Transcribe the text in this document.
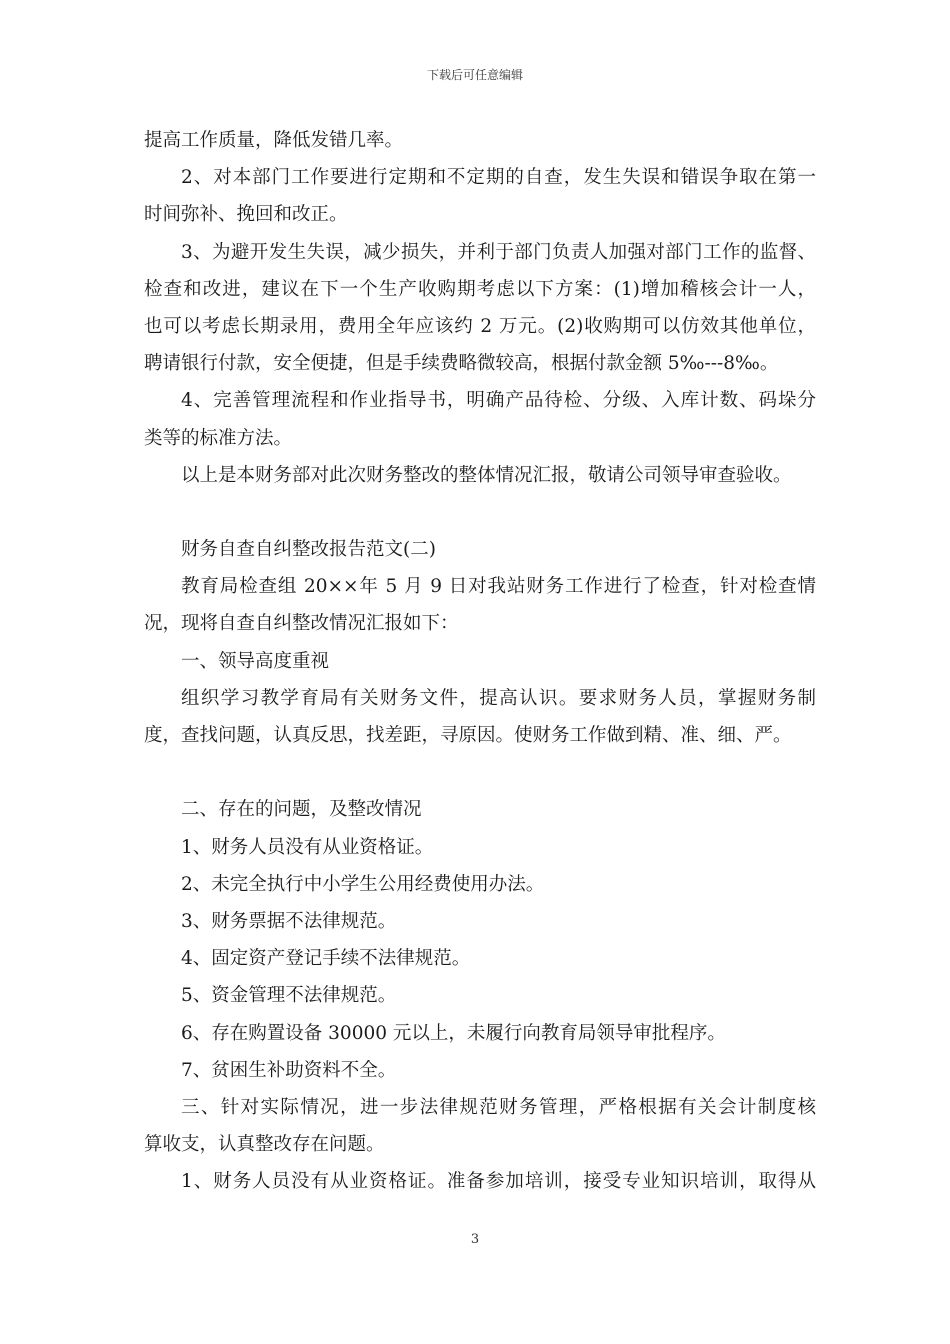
下载后可任意编辑
提高工作质量，降低发错几率。
2、对本部门工作要进行定期和不定期的自查，发生失误和错误争取在第一
时间弥补、挽回和改正。
3、为避开发生失误，减少损失，并利于部门负责人加强对部门工作的监督、
检查和改进，建议在下一个生产收购期考虑以下方案：(1)增加稽核会计一人，
也可以考虑长期录用，费用全年应该约 2 万元。(2)收购期可以仿效其他单位，
聘请银行付款，安全便捷，但是手续费略微较高，根据付款金额 5‰---8‰。
4、完善管理流程和作业指导书，明确产品待检、分级、入库计数、码垛分
类等的标准方法。
以上是本财务部对此次财务整改的整体情况汇报，敬请公司领导审查验收。
财务自查自纠整改报告范文(二)
教育局检查组 20××年 5 月 9 日对我站财务工作进行了检查，针对检查情
况，现将自查自纠整改情况汇报如下：
一、领导高度重视
组织学习教学育局有关财务文件，提高认识。要求财务人员，掌握财务制
度，查找问题，认真反思，找差距，寻原因。使财务工作做到精、准、细、严。
二、存在的问题，及整改情况
1、财务人员没有从业资格证。
2、未完全执行中小学生公用经费使用办法。
3、财务票据不法律规范。
4、固定资产登记手续不法律规范。
5、资金管理不法律规范。
6、存在购置设备 30000 元以上，未履行向教育局领导审批程序。
7、贫困生补助资料不全。
三、针对实际情况，进一步法律规范财务管理，严格根据有关会计制度核
算收支，认真整改存在问题。
1、财务人员没有从业资格证。准备参加培训，接受专业知识培训，取得从
3
